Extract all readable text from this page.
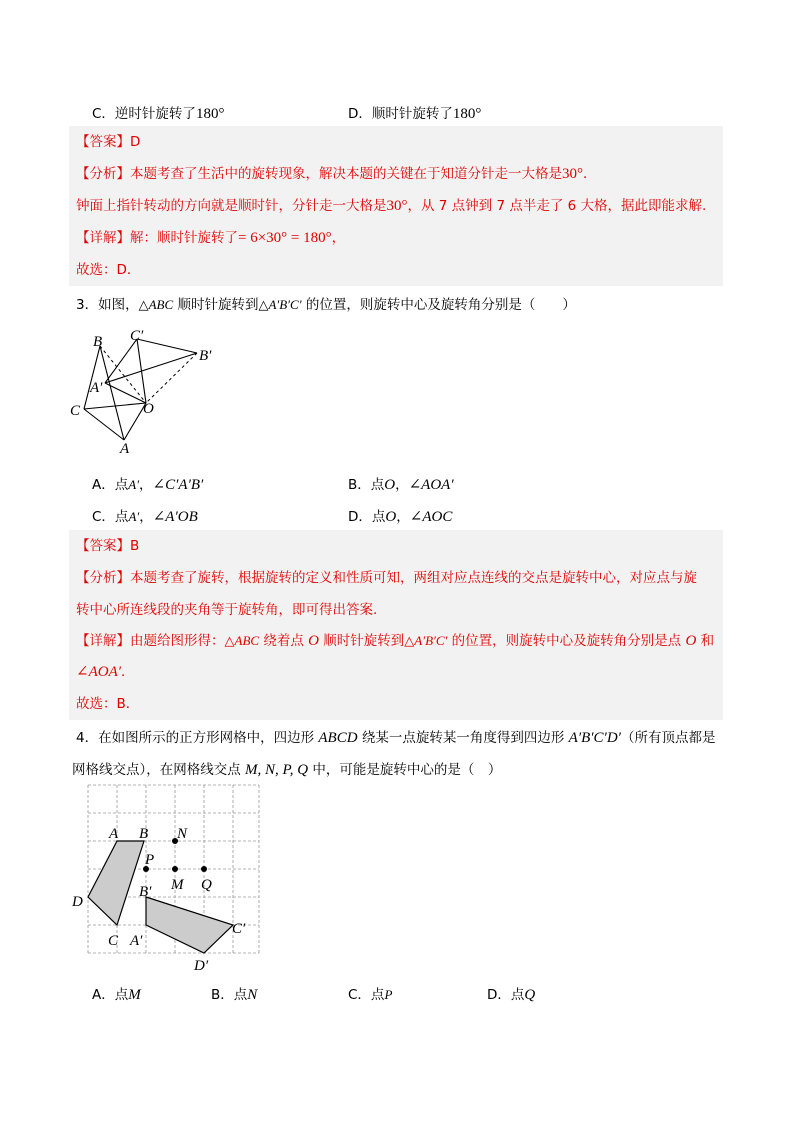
C．逆时针旋转了180°	D．顺时针旋转了180°
【答案】D
【分析】本题考查了生活中的旋转现象，解决本题的关键在于知道分针走一大格是30°．
钟面上指针转动的方向就是顺时针，分针走一大格是30°，从 7 点钟到 7 点半走了 6 大格，据此即能求解.
【详解】解：顺时针旋转了= 6×30° = 180°，
故选：D．
3．如图，△ABC 顺时针旋转到△A′B′C′ 的位置，则旋转中心及旋转角分别是（　　）
B C′
B′
A′
O
C
A
A．点A′，∠C′A′B′	B．点O，∠AOA′
C．点A′，∠A′OB	D．点O，∠AOC
【答案】B
【分析】本题考查了旋转，根据旋转的定义和性质可知，两组对应点连线的交点是旋转中心，对应点与旋
转中心所连线段的夹角等于旋转角，即可得出答案.
【详解】由题给图形得：△ABC 绕着点 O 顺时针旋转到△A′B′C′ 的位置，则旋转中心及旋转角分别是点 O 和
∠AOA′．
故选：B．
4．在如图所示的正方形网格中，四边形 ABCD 绕某一点旋转某一角度得到四边形 A′B′C′D′（所有顶点都是
网格线交点），在网格线交点 M, N, P, Q 中，可能是旋转中心的是（　）
A B N
P
M Q
B′
D
C A′
C′
D′
A．点M	B．点N	C．点P	D．点Q
